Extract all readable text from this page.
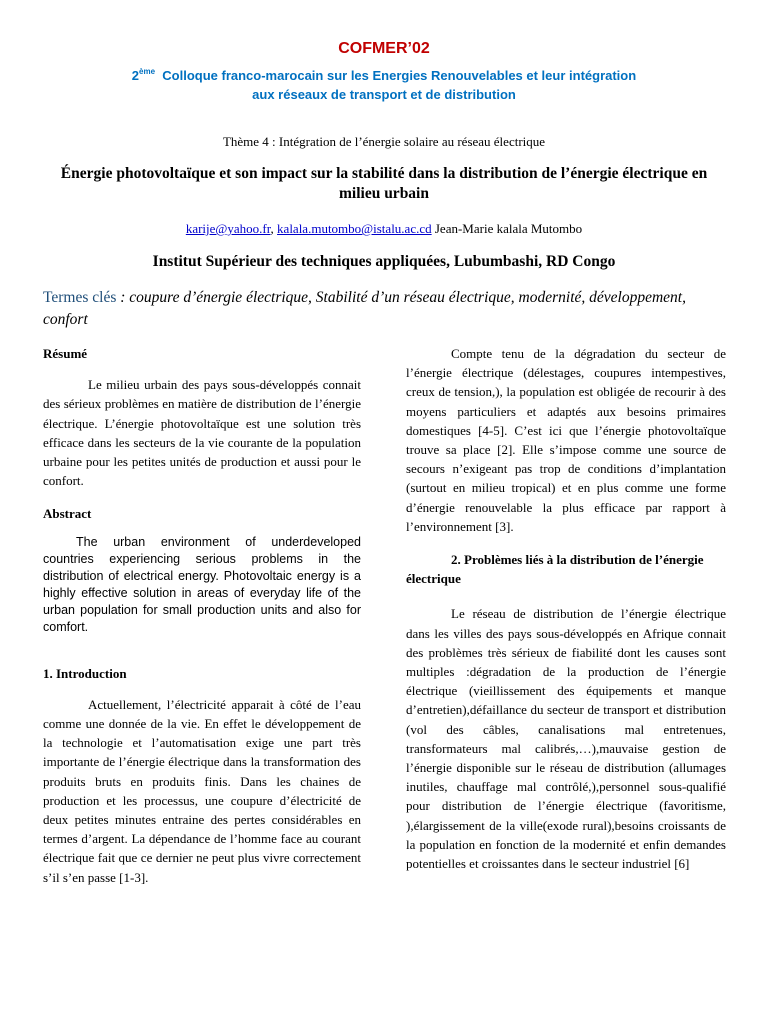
COFMER’02
2ème Colloque franco-marocain sur les Energies Renouvelables et leur intégration
aux réseaux de transport et de distribution
Thème 4 : Intégration de l’énergie solaire au réseau électrique
Énergie photovoltaïque et son impact sur la stabilité dans la distribution de l’énergie électrique en milieu urbain
karije@yahoo.fr, kalala.mutombo@istalu.ac.cd Jean-Marie kalala Mutombo
Institut Supérieur des techniques appliquées, Lubumbashi, RD Congo
Termes clés : coupure d’énergie électrique, Stabilité d’un réseau électrique, modernité, développement, confort
Résumé

Le milieu urbain des pays sous-développés connait des sérieux problèmes en matière de distribution de l’énergie électrique. L’énergie photovoltaïque est une solution très efficace dans les secteurs de la vie courante de la population urbaine pour les petites unités de production et aussi pour le confort.

Abstract

The urban environment of underdeveloped countries experiencing serious problems in the distribution of electrical energy. Photovoltaic energy is a highly effective solution in areas of everyday life of the urban population for small production units and also for comfort.

1. Introduction

Actuellement, l’électricité apparait à côté de l’eau comme une donnée de la vie. En effet le développement de la technologie et l’automatisation exige une part très importante de l’énergie électrique dans la transformation des produits bruts en produits finis. Dans les chaines de production et les processus, une coupure d’électricité de deux petites minutes entraine des pertes considérables en termes d’argent. La dépendance de l’homme face au courant électrique fait que ce dernier ne peut plus vivre correctement s’il s’en passe [1-3].

Compte tenu de la dégradation du secteur de l’énergie électrique (délestages, coupures intempestives, creux de tension,), la population est obligée de recourir à des moyens particuliers et adaptés aux besoins primaires domestiques [4-5]. C’est ici que l’énergie photovoltaïque trouve sa place [2]. Elle s’impose comme une source de secours n’exigeant pas trop de conditions d’implantation (surtout en milieu tropical) et en plus comme une forme d’énergie renouvelable la plus efficace par rapport à l’environnement [3].

2. Problèmes liés à la distribution de l’énergie électrique

Le réseau de distribution de l’énergie électrique dans les villes des pays sous-développés en Afrique connait des problèmes très sérieux de fiabilité dont les causes sont multiples :dégradation de la production de l’énergie électrique (vieillissement des équipements et manque d’entretien),défaillance du secteur de transport et distribution (vol des câbles, canalisations mal entretenues, transformateurs mal calibrés,…),mauvaise gestion de l’énergie disponible sur le réseau de distribution (allumages inutiles, chauffage mal contrôlé,),personnel sous-qualifié pour distribution de l’énergie électrique (favoritisme, ),élargissement de la ville(exode rural),besoins croissants de la population en fonction de la modernité et enfin demandes potentielles et croissantes dans le secteur industriel [6]
